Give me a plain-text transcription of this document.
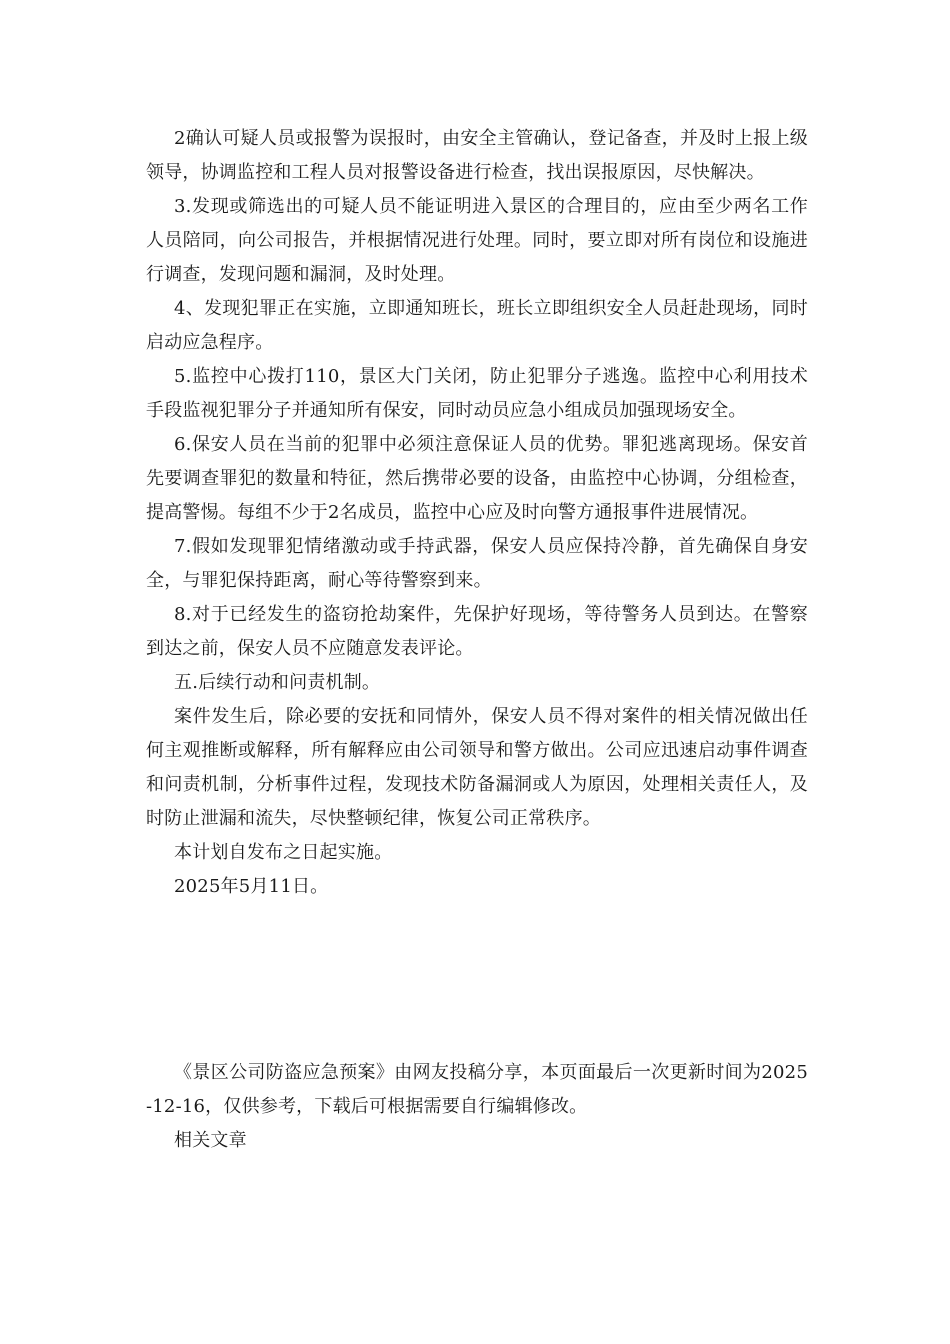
2确认可疑人员或报警为误报时，由安全主管确认，登记备查，并及时上报上级领导，协调监控和工程人员对报警设备进行检查，找出误报原因，尽快解决。

3.发现或筛选出的可疑人员不能证明进入景区的合理目的，应由至少两名工作人员陪同，向公司报告，并根据情况进行处理。同时，要立即对所有岗位和设施进行调查，发现问题和漏洞，及时处理。

4、发现犯罪正在实施，立即通知班长，班长立即组织安全人员赶赴现场，同时启动应急程序。

5.监控中心拨打110，景区大门关闭，防止犯罪分子逃逸。监控中心利用技术手段监视犯罪分子并通知所有保安，同时动员应急小组成员加强现场安全。

6.保安人员在当前的犯罪中必须注意保证人员的优势。罪犯逃离现场。保安首先要调查罪犯的数量和特征，然后携带必要的设备，由监控中心协调，分组检查，提高警惕。每组不少于2名成员，监控中心应及时向警方通报事件进展情况。

7.假如发现罪犯情绪激动或手持武器，保安人员应保持冷静，首先确保自身安全，与罪犯保持距离，耐心等待警察到来。

8.对于已经发生的盗窃抢劫案件，先保护好现场，等待警务人员到达。在警察到达之前，保安人员不应随意发表评论。

五.后续行动和问责机制。

案件发生后，除必要的安抚和同情外，保安人员不得对案件的相关情况做出任何主观推断或解释，所有解释应由公司领导和警方做出。公司应迅速启动事件调查和问责机制，分析事件过程，发现技术防备漏洞或人为原因，处理相关责任人，及时防止泄漏和流失，尽快整顿纪律，恢复公司正常秩序。

本计划自发布之日起实施。

2025年5月11日。

《景区公司防盗应急预案》由网友投稿分享，本页面最后一次更新时间为2025-12-16，仅供参考，下载后可根据需要自行编辑修改。

相关文章
